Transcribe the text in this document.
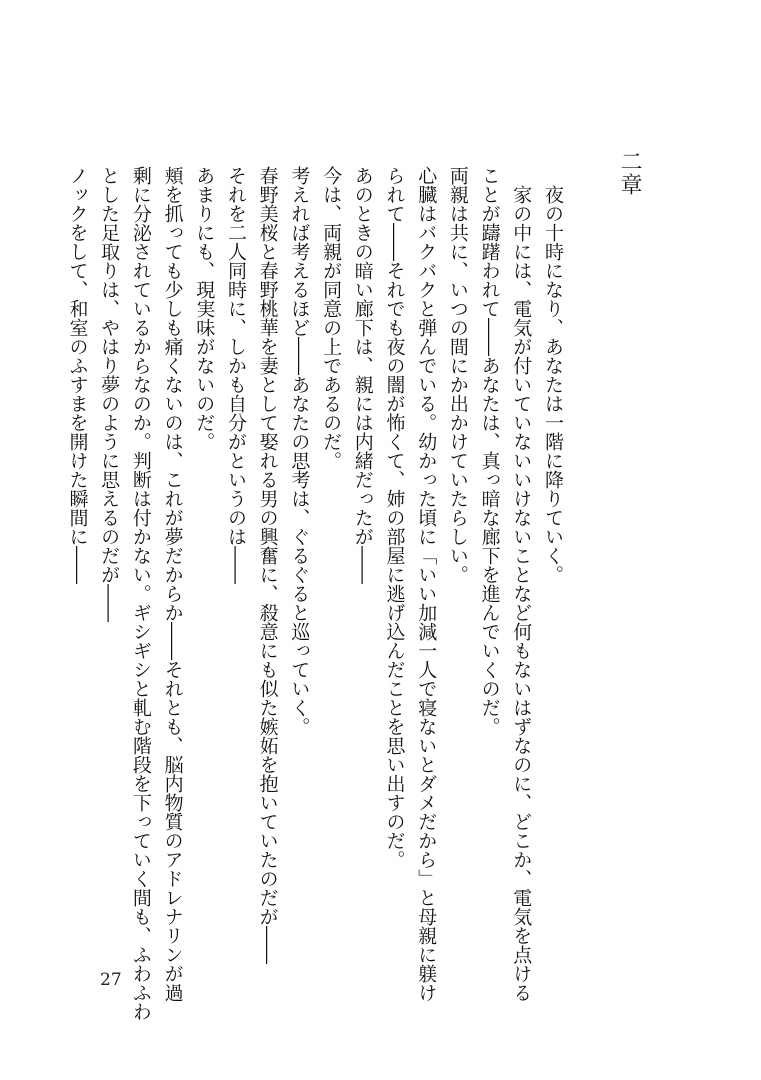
二章
夜の十時になり、あなたは一階に降りていく。
家の中には、電気が付いていないいけないことなど何もないはずなのに、どこか、電気を点ける
ことが躊躇われて――あなたは、真っ暗な廊下を進んでいくのだ。
両親は共に、いつの間にか出かけていたらしい。
心臓はバクバクと弾んでいる。幼かった頃に「いい加減一人で寝ないとダメだから」と母親に躾け
られて――それでも夜の闇が怖くて、姉の部屋に逃げ込んだことを思い出すのだ。
あのときの暗い廊下は、親には内緒だったが――
今は、両親が同意の上であるのだ。
考えれば考えるほど――あなたの思考は、ぐるぐると巡っていく。
春野美桜と春野桃華を妻として娶れる男の興奮に、殺意にも似た嫉妬を抱いていたのだが――
それを二人同時に、しかも自分がというのは――
あまりにも、現実味がないのだ。
頬を抓っても少しも痛くないのは、これが夢だからか――それとも、脳内物質のアドレナリンが過
剰に分泌されているからなのか。判断は付かない。ギシギシと軋む階段を下っていく間も、ふわふわ
とした足取りは、やはり夢のように思えるのだが――
ノックをして、和室のふすまを開けた瞬間に――
27
